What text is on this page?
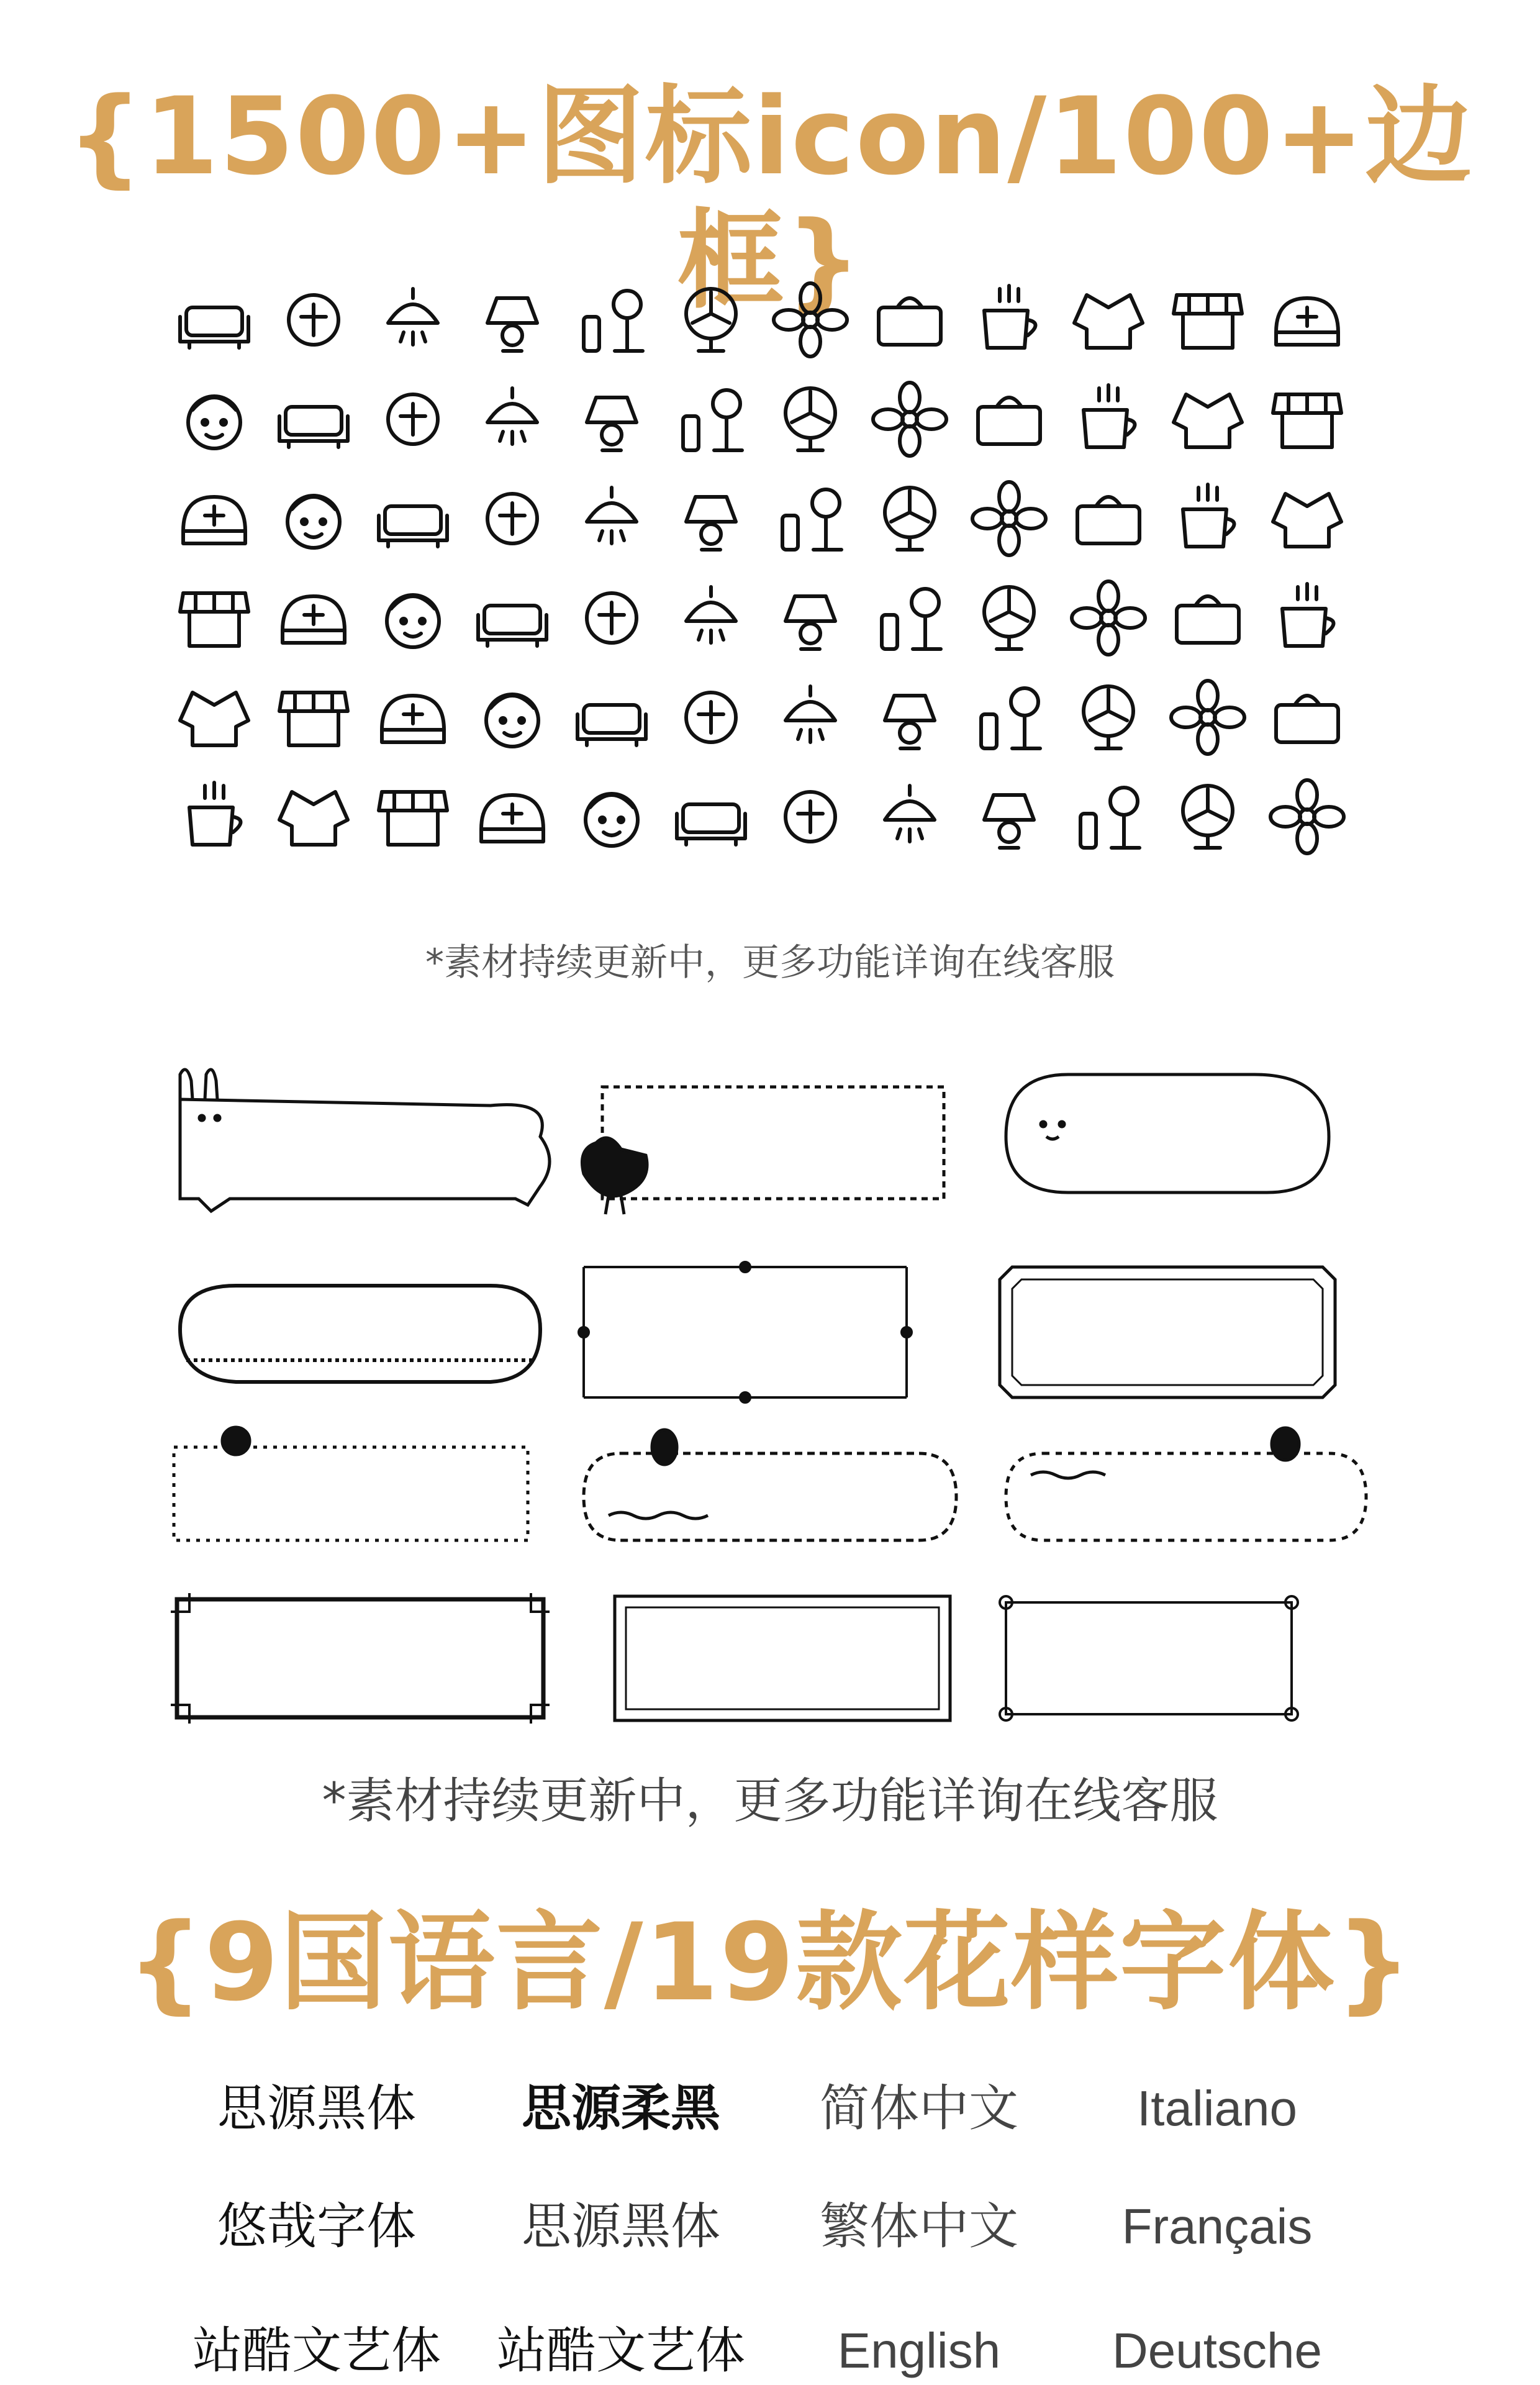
{1500+图标icon/100+边框}
*素材持续更新中，更多功能详询在线客服
*素材持续更新中，更多功能详询在线客服
{9国语言/19款花样字体}
思源黑体	思源柔黑	简体中文	Italiano
悠哉字体	思源黑体	繁体中文	Français
站酷文艺体	站酷文艺体	English	Deutsche
